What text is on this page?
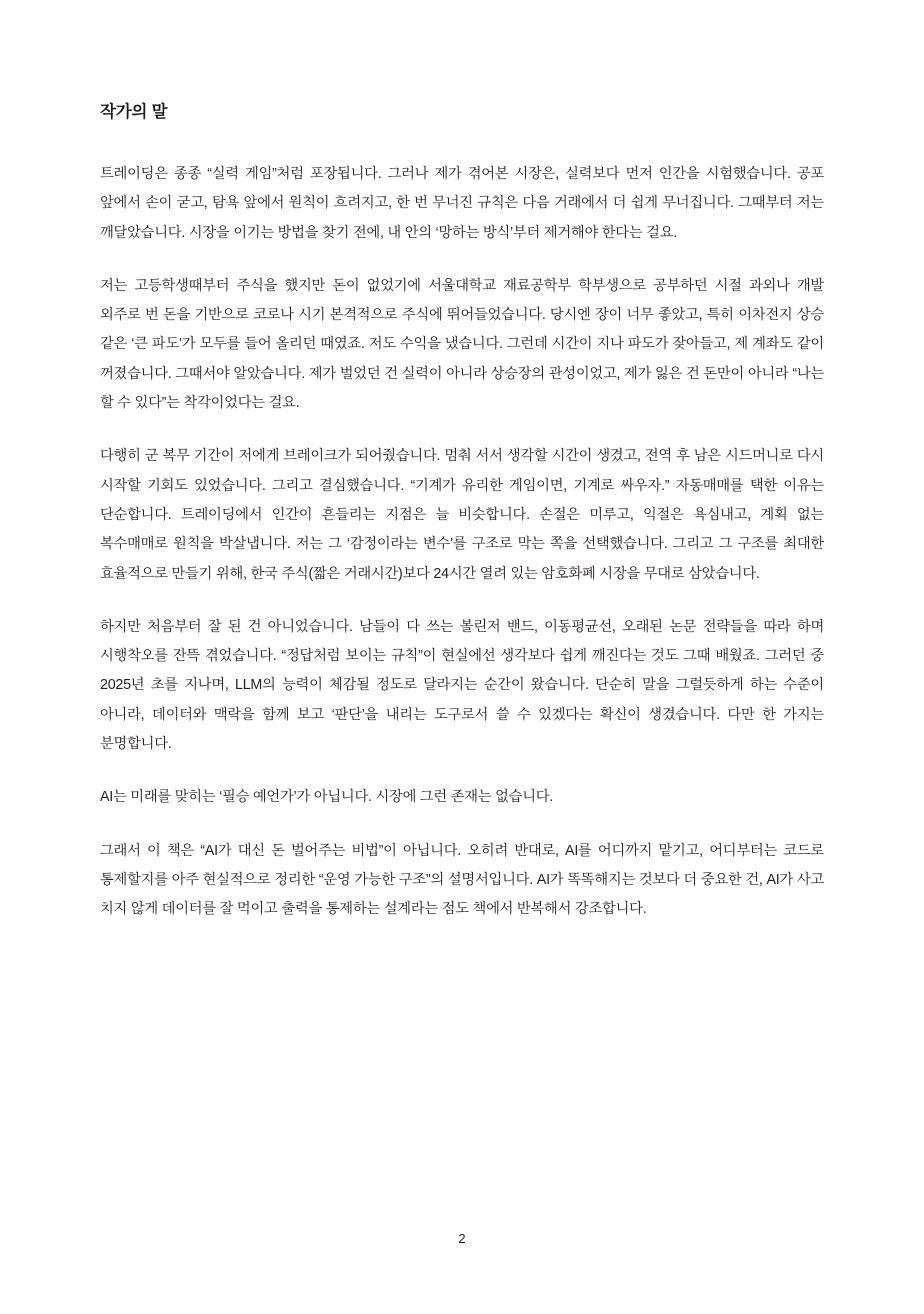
작가의 말

트레이딩은 종종 “실력 게임”처럼 포장됩니다. 그러나 제가 겪어본 시장은, 실력보다 먼저 인간을 시험했습니다. 공포 앞에서 손이 굳고, 탐욕 앞에서 원칙이 흐려지고, 한 번 무너진 규칙은 다음 거래에서 더 쉽게 무너집니다. 그때부터 저는 깨달았습니다. 시장을 이기는 방법을 찾기 전에, 내 안의 ‘망하는 방식’부터 제거해야 한다는 걸요.

저는 고등학생때부터 주식을 했지만 돈이 없었기에 서울대학교 재료공학부 학부생으로 공부하던 시절 과외나 개발 외주로 번 돈을 기반으로 코로나 시기 본격적으로 주식에 뛰어들었습니다. 당시엔 장이 너무 좋았고, 특히 이차전지 상승 같은 ‘큰 파도’가 모두를 들어 올리던 때였죠. 저도 수익을 냈습니다. 그런데 시간이 지나 파도가 잦아들고, 제 계좌도 같이 꺼졌습니다. 그때서야 알았습니다. 제가 벌었던 건 실력이 아니라 상승장의 관성이었고, 제가 잃은 건 돈만이 아니라 “나는 할 수 있다”는 착각이었다는 걸요.

다행히 군 복무 기간이 저에게 브레이크가 되어줬습니다. 멈춰 서서 생각할 시간이 생겼고, 전역 후 남은 시드머니로 다시 시작할 기회도 있었습니다. 그리고 결심했습니다. “기계가 유리한 게임이면, 기계로 싸우자.” 자동매매를 택한 이유는 단순합니다. 트레이딩에서 인간이 흔들리는 지점은 늘 비슷합니다. 손절은 미루고, 익절은 욕심내고, 계획 없는 복수매매로 원칙을 박살냅니다. 저는 그 ‘감정이라는 변수’를 구조로 막는 쪽을 선택했습니다. 그리고 그 구조를 최대한 효율적으로 만들기 위해, 한국 주식(짧은 거래시간)보다 24시간 열려 있는 암호화폐 시장을 무대로 삼았습니다.

하지만 처음부터 잘 된 건 아니었습니다. 남들이 다 쓰는 볼린저 밴드, 이동평균선, 오래된 논문 전략들을 따라 하며 시행착오를 잔뜩 겪었습니다. “정답처럼 보이는 규칙”이 현실에선 생각보다 쉽게 깨진다는 것도 그때 배웠죠. 그러던 중 2025년 초를 지나며, LLM의 능력이 체감될 정도로 달라지는 순간이 왔습니다. 단순히 말을 그럴듯하게 하는 수준이 아니라, 데이터와 맥락을 함께 보고 ‘판단’을 내리는 도구로서 쓸 수 있겠다는 확신이 생겼습니다. 다만 한 가지는 분명합니다.

AI는 미래를 맞히는 ‘필승 예언가’가 아닙니다. 시장에 그런 존재는 없습니다.

그래서 이 책은 “AI가 대신 돈 벌어주는 비법”이 아닙니다. 오히려 반대로, AI를 어디까지 맡기고, 어디부터는 코드로 통제할지를 아주 현실적으로 정리한 “운영 가능한 구조”의 설명서입니다. AI가 똑똑해지는 것보다 더 중요한 건, AI가 사고 치지 않게 데이터를 잘 먹이고 출력을 통제하는 설계라는 점도 책에서 반복해서 강조합니다.

2
